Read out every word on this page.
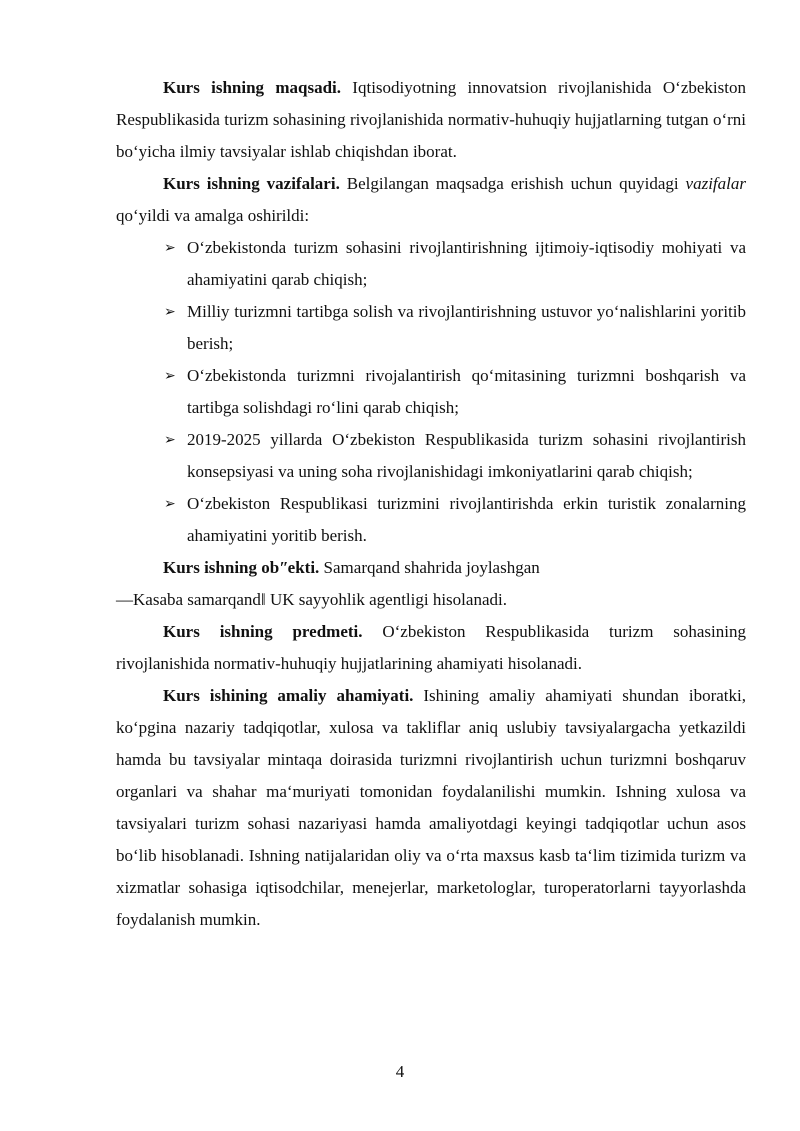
Kurs ishning maqsadi. Iqtisodiyotning innovatsion rivojlanishida O‘zbekiston Respublikasida turizm sohasining rivojlanishida normativ-huhuqiy hujjatlarning tutgan o‘rni bo‘yicha ilmiy tavsiyalar ishlab chiqishdan iborat.

Kurs ishning vazifalari. Belgilangan maqsadga erishish uchun quyidagi vazifalar qo‘yildi va amalga oshirildi:

➢ O‘zbekistonda turizm sohasini rivojlantirishning ijtimoiy-iqtisodiy mohiyati va ahamiyatini qarab chiqish;
➢ Milliy turizmni tartibga solish va rivojlantirishning ustuvor yo‘nalishlarini yoritib berish;
➢ O‘zbekistonda turizmni rivojalantirish qo‘mitasining turizmni boshqarish va tartibga solishdagi ro‘lini qarab chiqish;
➢ 2019-2025 yillarda O‘zbekiston Respublikasida turizm sohasini rivojlantirish konsepsiyasi va uning soha rivojlanishidagi imkoniyatlarini qarab chiqish;
➢ O‘zbekiston Respublikasi turizmini rivojlantirishda erkin turistik zonalarning ahamiyatini yoritib berish.

Kurs ishning obʺekti. Samarqand shahrida joylashgan

—Kasaba samarqand‖ UK sayyohlik agentligi hisolanadi.

Kurs ishning predmeti. O‘zbekiston Respublikasida turizm sohasining rivojlanishida normativ-huhuqiy hujjatlarining ahamiyati hisolanadi.

Kurs ishining amaliy ahamiyati. Ishining amaliy ahamiyati shundan iboratki, ko‘pgina nazariy tadqiqotlar, xulosa va takliflar aniq uslubiy tavsiyalargacha yetkazildi hamda bu tavsiyalar mintaqa doirasida turizmni rivojlantirish uchun turizmni boshqaruv organlari va shahar ma‘muriyati tomonidan foydalanilishi mumkin. Ishning xulosa va tavsiyalari turizm sohasi nazariyasi hamda amaliyotdagi keyingi tadqiqotlar uchun asos bo‘lib hisoblanadi. Ishning natijalaridan oliy va o‘rta maxsus kasb ta‘lim tizimida turizm va xizmatlar sohasiga iqtisodchilar, menejerlar, marketologlar, turoperatorlarni tayyorlashda foydalanish mumkin.

4
